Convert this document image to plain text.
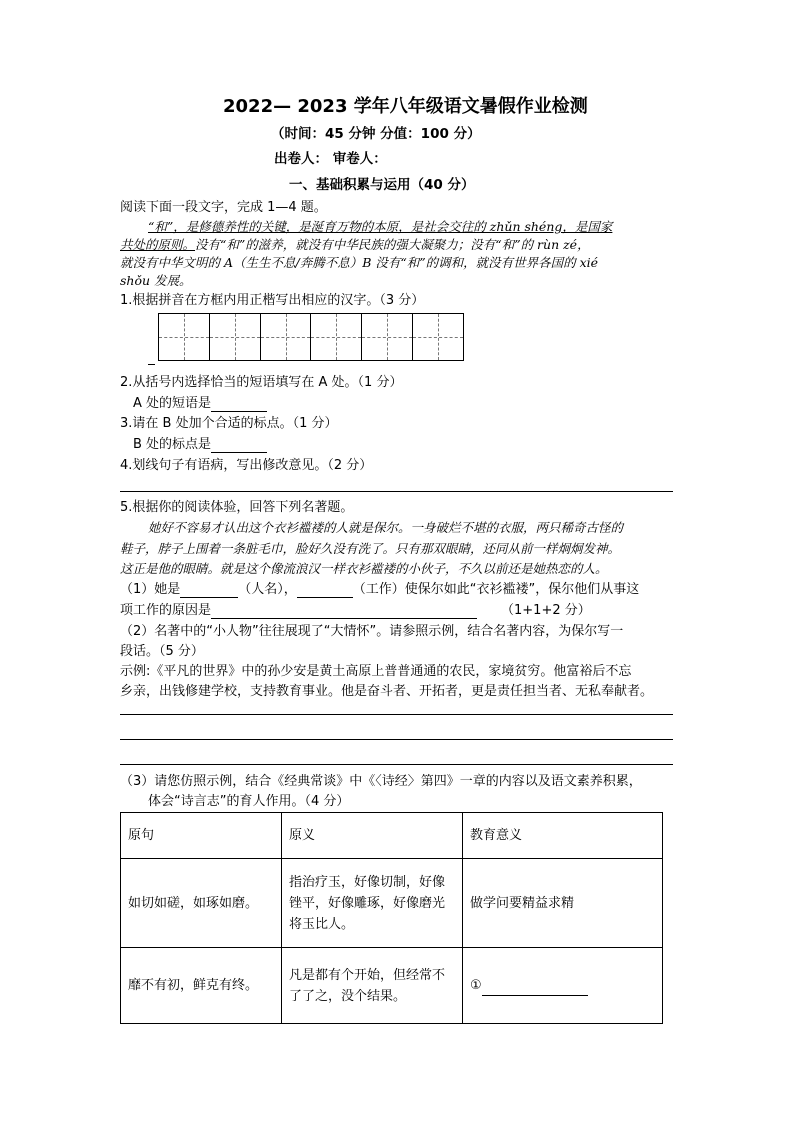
2022— 2023 学年八年级语文暑假作业检测
（时间：45 分钟 分值：100 分）
出卷人： 审卷人：
一、基础积累与运用（40 分）
阅读下面一段文字，完成 1—4 题。
“和”，是修德养性的关键，是涎育万物的本原，是社会交往的 zhǔn shéng，是国家
共处的原则。没有“和”的滋养，就没有中华民族的强大凝聚力；没有“和”的 rùn zé，
就没有中华文明的 A（生生不息/奔腾不息）B 没有“和”的调和，就没有世界各国的 xié
shǒu 发展。
1.根据拼音在方框内用正楷写出相应的汉字。（3 分）
2.从括号内选择恰当的短语填写在 A 处。（1 分）
A 处的短语是
3.请在 B 处加个合适的标点。（1 分）
B 处的标点是
4.划线句子有语病，写出修改意见。（2 分）
5.根据你的阅读体验，回答下列名著题。
她好不容易才认出这个衣衫褴褛的人就是保尔。一身破烂不堪的衣服，两只稀奇古怪的
鞋子，脖子上围着一条脏毛巾，脸好久没有洗了。只有那双眼睛，还同从前一样炯炯发神。
这正是他的眼睛。就是这个像流浪汉一样衣衫褴褛的小伙子，不久以前还是她热恋的人。
（1）她是	（人名），	（工作）使保尔如此“衣衫褴褛”，保尔他们从事这
项工作的原因是	（1+1+2 分）
（2）名著中的“小人物”往往展现了“大情怀”。请参照示例，结合名著内容，为保尔写一
段话。（5 分）
示例:《平凡的世界》中的孙少安是黄土高原上普普通通的农民，家境贫穷。他富裕后不忘
乡亲，出钱修建学校，支持教育事业。他是奋斗者、开拓者，更是责任担当者、无私奉献者。
（3）请您仿照示例，结合《经典常谈》中《〈诗经〉第四》一章的内容以及语文素养积累，
体会“诗言志”的育人作用。（4 分）
原句	原义	教育意义
如切如磋，如琢如磨。	指治疗玉，好像切制，好像锉平，好像雕琢，好像磨光将玉比人。	做学问要精益求精
靡不有初，鲜克有终。	凡是都有个开始，但经常不了了之，没个结果。	①
